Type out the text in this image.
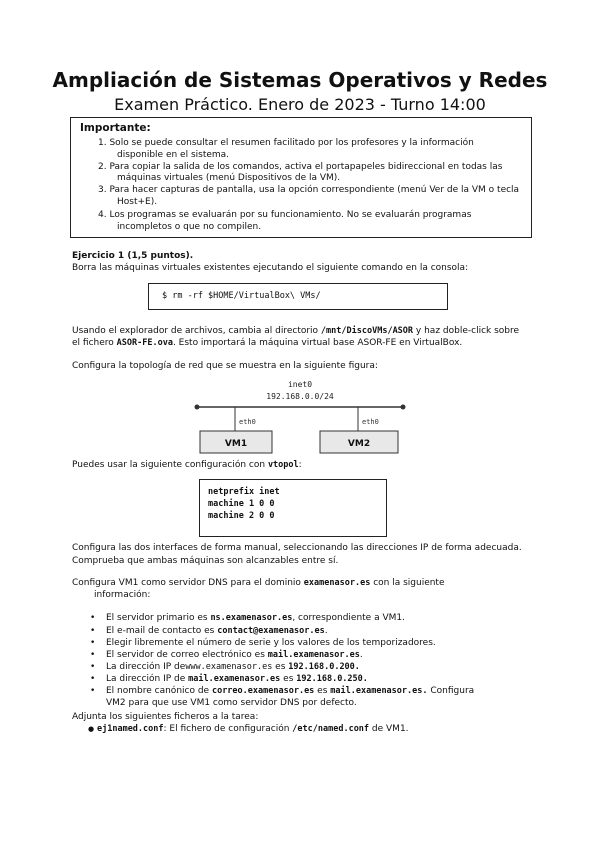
Ampliación de Sistemas Operativos y Redes
Examen Práctico. Enero de 2023 - Turno 14:00
Importante:
1. Solo se puede consultar el resumen facilitado por los profesores y la información
disponible en el sistema.
2. Para copiar la salida de los comandos, activa el portapapeles bidireccional en todas las
máquinas virtuales (menú Dispositivos de la VM).
3. Para hacer capturas de pantalla, usa la opción correspondiente (menú Ver de la VM o tecla
Host+E).
4. Los programas se evaluarán por su funcionamiento. No se evaluarán programas
incompletos o que no compilen.
Ejercicio 1 (1,5 puntos).
Borra las máquinas virtuales existentes ejecutando el siguiente comando en la consola:
$ rm -rf $HOME/VirtualBox\ VMs/
Usando el explorador de archivos, cambia al directorio /mnt/DiscoVMs/ASOR y haz doble-click sobre
el fichero ASOR-FE.ova. Esto importará la máquina virtual base ASOR-FE en VirtualBox.
Configura la topología de red que se muestra en la siguiente figura:
inet0
192.168.0.0/24
eth0	eth0
VM1	VM2
Puedes usar la siguiente configuración con vtopol:
netprefix inet
machine 1 0 0
machine 2 0 0
Configura las dos interfaces de forma manual, seleccionando las direcciones IP de forma adecuada.
Comprueba que ambas máquinas son alcanzables entre sí.
Configura VM1 como servidor DNS para el dominio examenasor.es con la siguiente
información:
• El servidor primario es ns.examenasor.es, correspondiente a VM1.
• El e-mail de contacto es contact@examenasor.es.
• Elegir libremente el número de serie y los valores de los temporizadores.
• El servidor de correo electrónico es mail.examenasor.es.
• La dirección IP dewww.examenasor.es es 192.168.0.200.
• La dirección IP de mail.examenasor.es es 192.168.0.250.
• El nombre canónico de correo.examenasor.es es mail.examenasor.es. Configura
VM2 para que use VM1 como servidor DNS por defecto.
Adjunta los siguientes ficheros a la tarea:
● ej1named.conf: El fichero de configuración /etc/named.conf de VM1.
